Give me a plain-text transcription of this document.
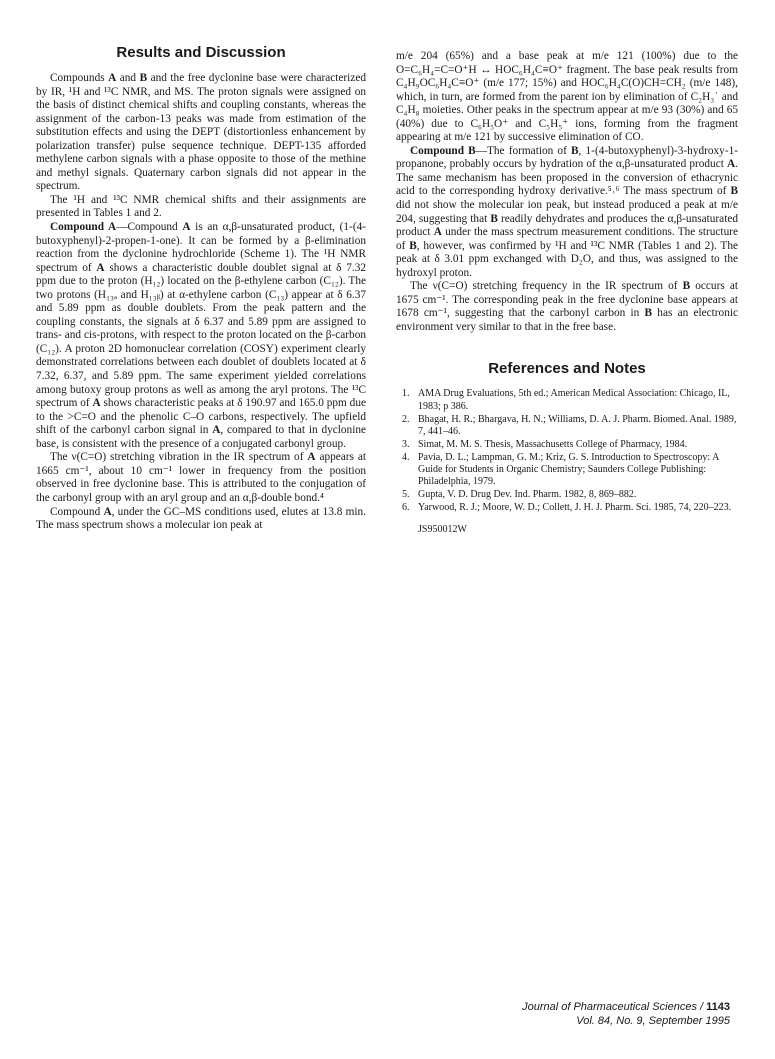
Results and Discussion

Compounds A and B and the free dyclonine base were characterized by IR, ¹H and ¹³C NMR, and MS. The proton signals were assigned on the basis of distinct chemical shifts and coupling constants, whereas the assignment of the carbon-13 peaks was made from estimation of the substitution effects and using the DEPT (distortionless enhancement by polarization transfer) pulse sequence technique. DEPT-135 afforded methylene carbon signals with a phase opposite to those of the methine and methyl signals. Quaternary carbon signals did not appear in the spectrum.

The ¹H and ¹³C NMR chemical shifts and their assignments are presented in Tables 1 and 2.

Compound A—Compound A is an α,β-unsaturated product, (1-(4-butoxyphenyl)-2-propen-1-one). It can be formed by a β-elimination reaction from the dyclonine hydrochloride (Scheme 1). The ¹H NMR spectrum of A shows a characteristic double doublet signal at δ 7.32 ppm due to the proton (H₁₂) located on the β-ethylene carbon (C₁₂). The two protons (H₁₃ₐ and H₁₃ᵦ) at α-ethylene carbon (C₁₃) appear at δ 6.37 and 5.89 ppm as double doublets. From the peak pattern and the coupling constants, the signals at δ 6.37 and 5.89 ppm are assigned to trans- and cis-protons, with respect to the proton located on the β-carbon (C₁₂). A proton 2D homonuclear correlation (COSY) experiment clearly demonstrated correlations between each doublet of doublets located at δ 7.32, 6.37, and 5.89 ppm. The same experiment yielded correlations among butoxy group protons as well as among the aryl protons. The ¹³C spectrum of A shows characteristic peaks at δ 190.97 and 165.0 ppm due to the >C=O and the phenolic C–O carbons, respectively. The upfield shift of the carbonyl carbon signal in A, compared to that in dyclonine base, is consistent with the presence of a conjugated carbonyl group.

The ν(C=O) stretching vibration in the IR spectrum of A appears at 1665 cm⁻¹, about 10 cm⁻¹ lower in frequency from the position observed in free dyclonine base. This is attributed to the conjugation of the carbonyl group with an aryl group and an α,β-double bond.⁴

Compound A, under the GC–MS conditions used, elutes at 13.8 min. The mass spectrum shows a molecular ion peak at

m/e 204 (65%) and a base peak at m/e 121 (100%) due to the O=C₆H₄=C=O⁺H ↔ HOC₆H₄C≡O⁺ fragment. The base peak results from C₄H₉OC₆H₄C≡O⁺ (m/e 177; 15%) and HOC₆H₄C(O)CH=CH₂ (m/e 148), which, in turn, are formed from the parent ion by elimination of C₂H₃˙ and C₄H₈ moieties. Other peaks in the spectrum appear at m/e 93 (30%) and 65 (40%) due to C₆H₅O⁺ and C₅H₅⁺ ions, forming from the fragment appearing at m/e 121 by successive elimination of CO.

Compound B—The formation of B, 1-(4-butoxyphenyl)-3-hydroxy-1-propanone, probably occurs by hydration of the α,β-unsaturated product A. The same mechanism has been proposed in the conversion of ethacrynic acid to the corresponding hydroxy derivative.⁵˒⁶ The mass spectrum of B did not show the molecular ion peak, but instead produced a peak at m/e 204, suggesting that B readily dehydrates and produces the α,β-unsaturated product A under the mass spectrum measurement conditions. The structure of B, however, was confirmed by ¹H and ¹³C NMR (Tables 1 and 2). The peak at δ 3.01 ppm exchanged with D₂O, and thus, was assigned to the hydroxyl proton.

The ν(C=O) stretching frequency in the IR spectrum of B occurs at 1675 cm⁻¹. The corresponding peak in the free dyclonine base appears at 1678 cm⁻¹, suggesting that the carbonyl carbon in B has an electronic environment very similar to that in the free base.

References and Notes
1. AMA Drug Evaluations, 5th ed.; American Medical Association: Chicago, IL, 1983; p 386.
2. Bhagat, H. R.; Bhargava, H. N.; Williams, D. A. J. Pharm. Biomed. Anal. 1989, 7, 441–46.
3. Simat, M. M. S. Thesis, Massachusetts College of Pharmacy, 1984.
4. Pavia, D. L.; Lampman, G. M.; Kriz, G. S. Introduction to Spectroscopy: A Guide for Students in Organic Chemistry; Saunders College Publishing: Philadelphia, 1979.
5. Gupta, V. D. Drug Dev. Ind. Pharm. 1982, 8, 869–882.
6. Yarwood, R. J.; Moore, W. D.; Collett, J. H. J. Pharm. Sci. 1985, 74, 220–223.
JS950012W
Journal of Pharmaceutical Sciences / 1143
Vol. 84, No. 9, September 1995
